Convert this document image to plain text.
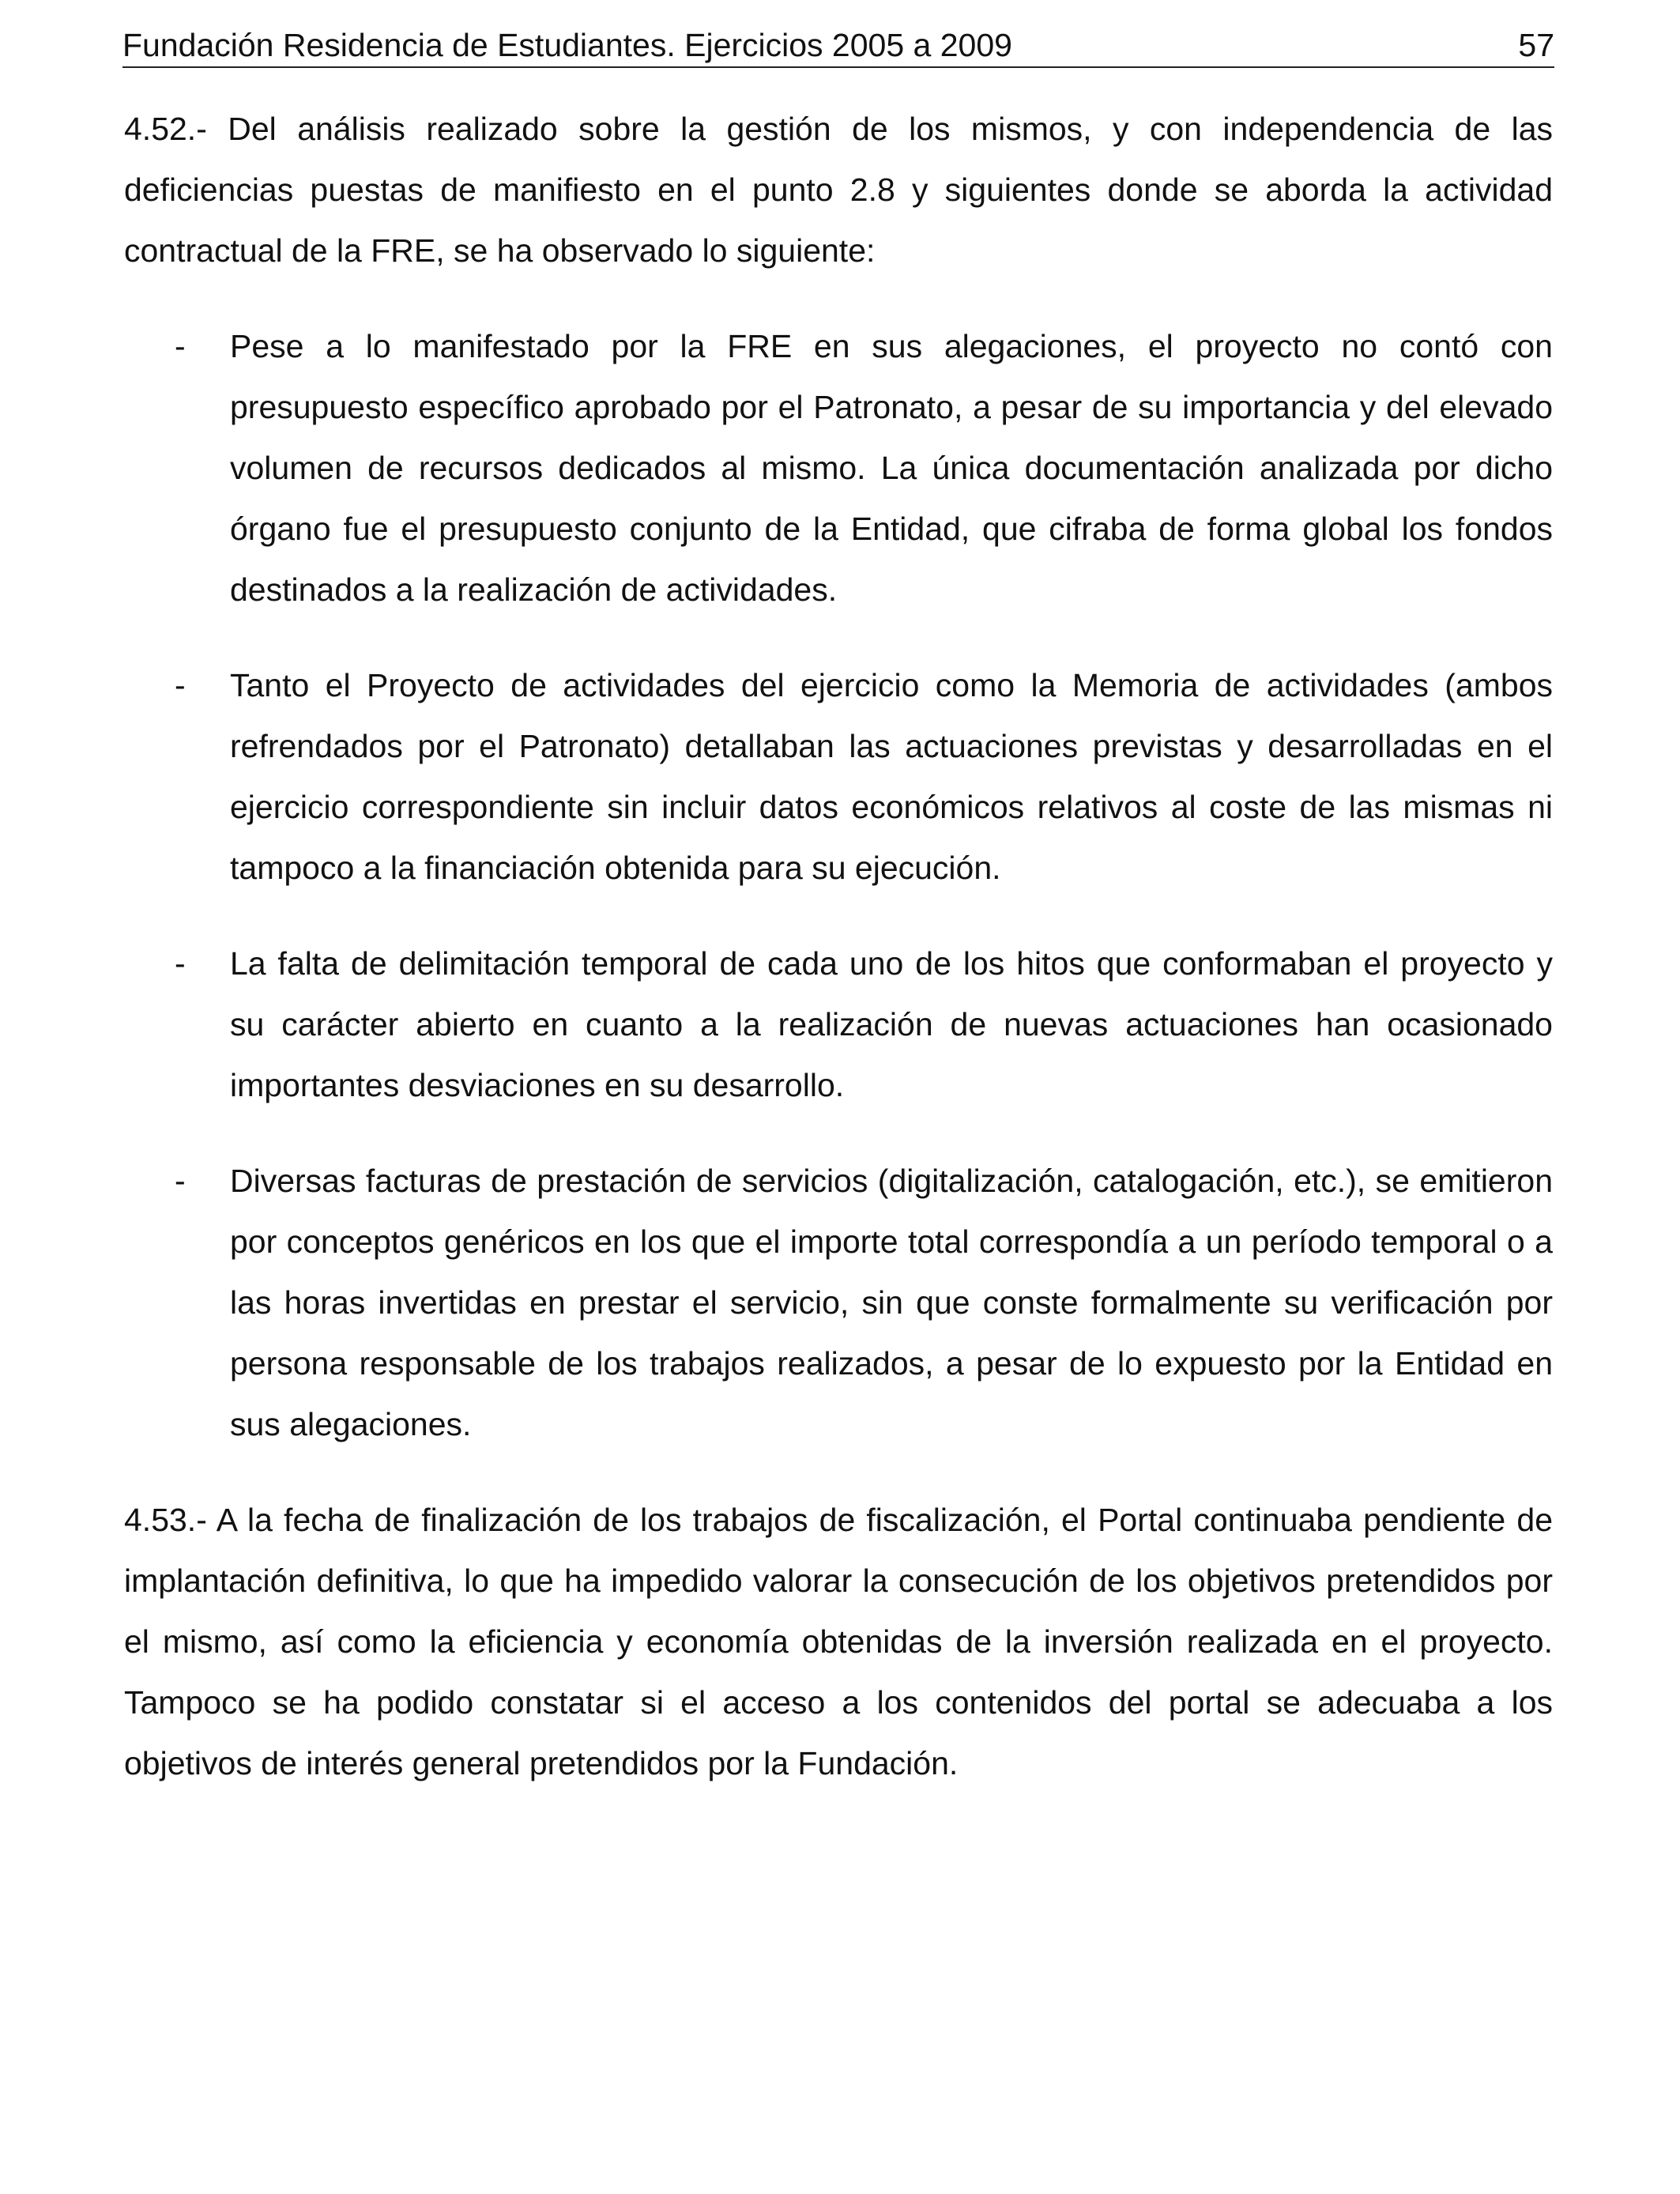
Fundación Residencia de Estudiantes. Ejercicios 2005 a 2009	57

4.52.- Del análisis realizado sobre la gestión de los mismos, y con independencia de las deficiencias puestas de manifiesto en el punto 2.8 y siguientes donde se aborda la actividad contractual de la FRE, se ha observado lo siguiente:

- Pese a lo manifestado por la FRE en sus alegaciones, el proyecto no contó con presupuesto específico aprobado por el Patronato, a pesar de su importancia y del elevado volumen de recursos dedicados al mismo. La única documentación analizada por dicho órgano fue el presupuesto conjunto de la Entidad, que cifraba de forma global los fondos destinados a la realización de actividades.

- Tanto el Proyecto de actividades del ejercicio como la Memoria de actividades (ambos refrendados por el Patronato) detallaban las actuaciones previstas y desarrolladas en el ejercicio correspondiente sin incluir datos económicos relativos al coste de las mismas ni tampoco a la financiación obtenida para su ejecución.

- La falta de delimitación temporal de cada uno de los hitos que conformaban el proyecto y su carácter abierto en cuanto a la realización de nuevas actuaciones han ocasionado importantes desviaciones en su desarrollo.

- Diversas facturas de prestación de servicios (digitalización, catalogación, etc.), se emitieron por conceptos genéricos en los que el importe total correspondía a un período temporal o a las horas invertidas en prestar el servicio, sin que conste formalmente su verificación por persona responsable de los trabajos realizados, a pesar de lo expuesto por la Entidad en sus alegaciones.

4.53.- A la fecha de finalización de los trabajos de fiscalización, el Portal continuaba pendiente de implantación definitiva, lo que ha impedido valorar la consecución de los objetivos pretendidos por el mismo, así como la eficiencia y economía obtenidas de la inversión realizada en el proyecto. Tampoco se ha podido constatar si el acceso a los contenidos del portal se adecuaba a los objetivos de interés general pretendidos por la Fundación.
